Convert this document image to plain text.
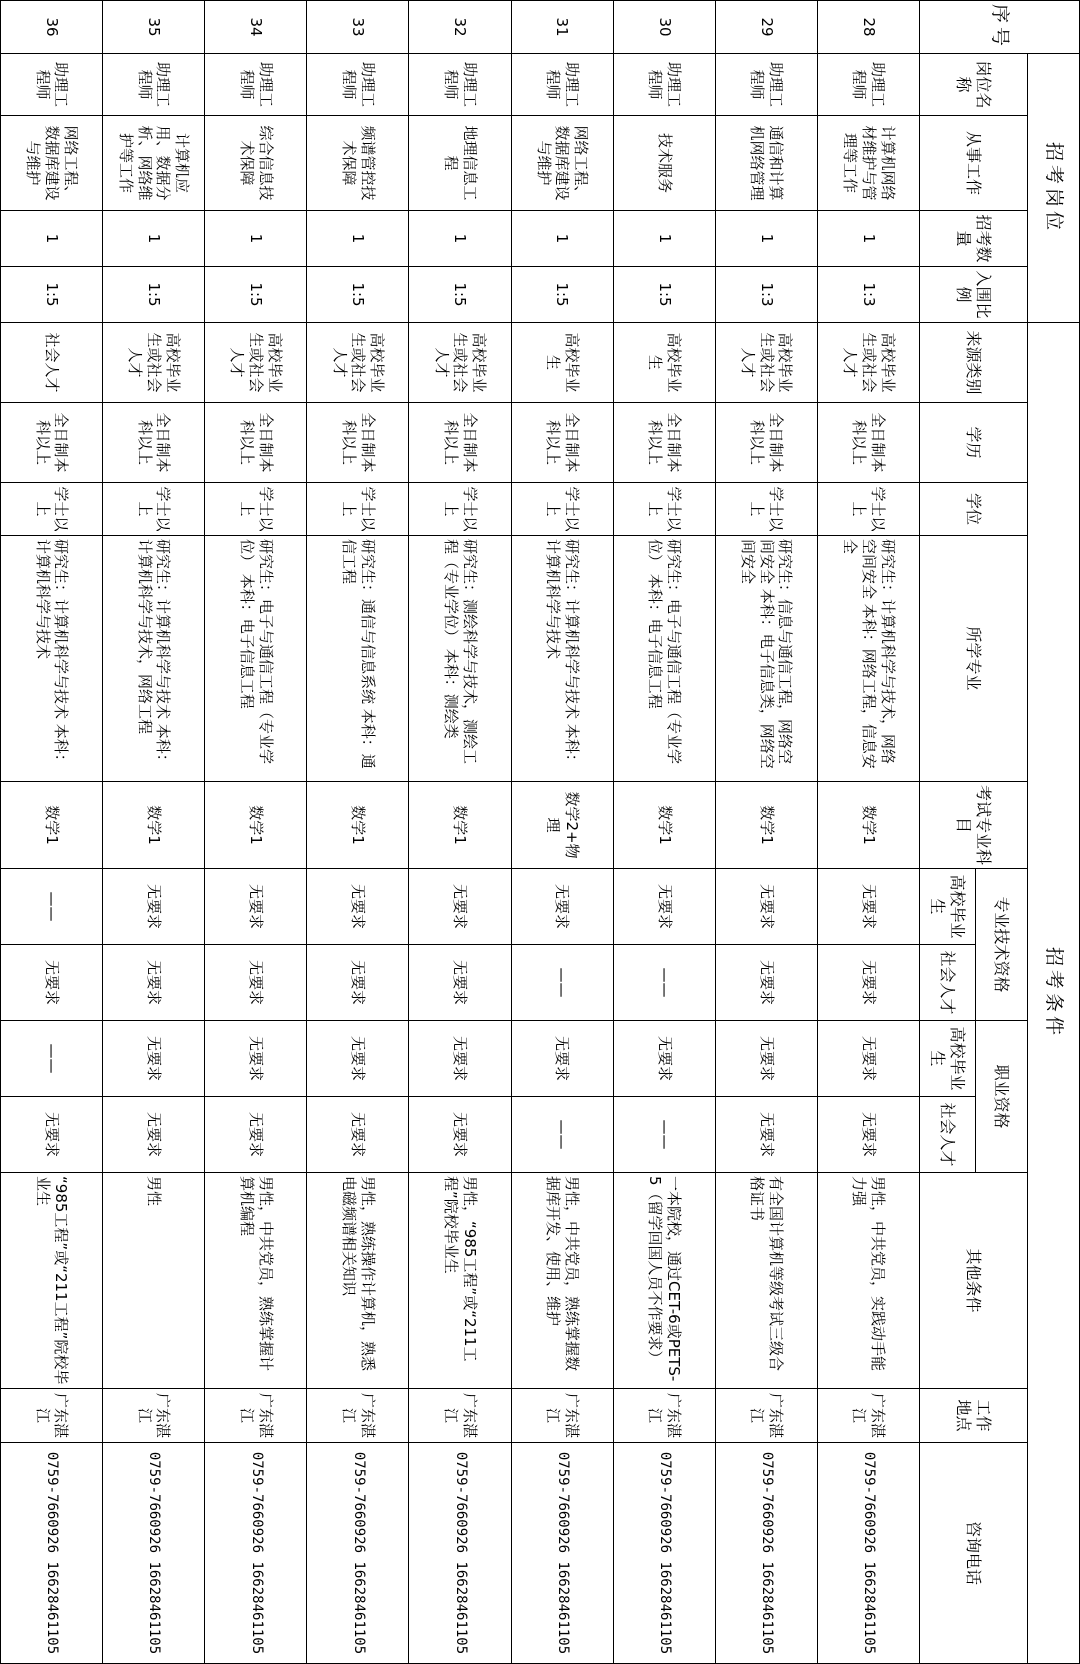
序号	招考岗位				招考条件											
	岗位名称	从事工作	招考数量	入围比例	来源类别	学历	学位	所学专业	考试专业科目	专业技术资格		职业资格		其他条件	工作地点	咨询电话
										高校毕业生	社会人才	高校毕业生	社会人才			
28	助理工程师	计算机网络材维护与管理等工作	1	1:3	高校毕业生或社会人才	全日制本科以上	学士以上	研究生：计算机科学与技术，网络空间安全 本科：网络工程，信息安全	数学1	无要求	无要求	无要求	无要求	男性，中共党员，实践动手能力强	广东湛江	0759-7660926 16628461105
29	助理工程师	通信和计算机网络管理	1	1:3	高校毕业生或社会人才	全日制本科以上	学士以上	研究生：信息与通信工程，网络空间安全 本科：电子信息类，网络空间安全	数学1	无要求	无要求	无要求	无要求	有全国计算机等级考试三级合格证书	广东湛江	0759-7660926 16628461105
30	助理工程师	技术服务	1	1:5	高校毕业生	全日制本科以上	学士以上	研究生：电子与通信工程（专业学位） 本科：电子信息工程	数学1	无要求	——	无要求	——	一本院校，通过CET-6或PETS-5（留学回国人员不作要求）	广东湛江	0759-7660926 16628461105
31	助理工程师	网络工程、数据库建设与维护	1	1:5	高校毕业生	全日制本科以上	学士以上	研究生：计算机科学与技术 本科：计算机科学与技术	数学2+物理	无要求	——	无要求	——	男性，中共党员，熟练掌握数据库开发、使用、维护	广东湛江	0759-7660926 16628461105
32	助理工程师	地理信息工程	1	1:5	高校毕业生或社会人才	全日制本科以上	学士以上	研究生：测绘科学与技术，测绘工程（专业学位） 本科：测绘类	数学1	无要求	无要求	无要求	无要求	男性，“985工程”或“211工程”院校毕业生	广东湛江	0759-7660926 16628461105
33	助理工程师	频谱管控技术保障	1	1:5	高校毕业生或社会人才	全日制本科以上	学士以上	研究生：通信与信息系统 本科：通信工程	数学1	无要求	无要求	无要求	无要求	男性，熟练操作计算机，熟悉电磁频谱相关知识	广东湛江	0759-7660926 16628461105
34	助理工程师	综合信息技术保障	1	1:5	高校毕业生或社会人才	全日制本科以上	学士以上	研究生：电子与通信工程（专业学位） 本科：电子信息工程	数学1	无要求	无要求	无要求	无要求	男性，中共党员，熟练掌握计算机编程	广东湛江	0759-7660926 16628461105
35	助理工程师	计算机应用、数据分析、网络维护等工作	1	1:5	高校毕业生或社会人才	全日制本科以上	学士以上	研究生：计算机科学与技术 本科：计算机科学与技术，网络工程	数学1	无要求	无要求	无要求	无要求	男性	广东湛江	0759-7660926 16628461105
36	助理工程师	网络工程、数据库建设与维护	1	1:5	社会人才	全日制本科以上	学士以上	研究生：计算机科学与技术 本科：计算机科学与技术	数学1	——	无要求	——	无要求	“985工程”或“211工程”院校毕业生	广东湛江	0759-7660926 16628461105
